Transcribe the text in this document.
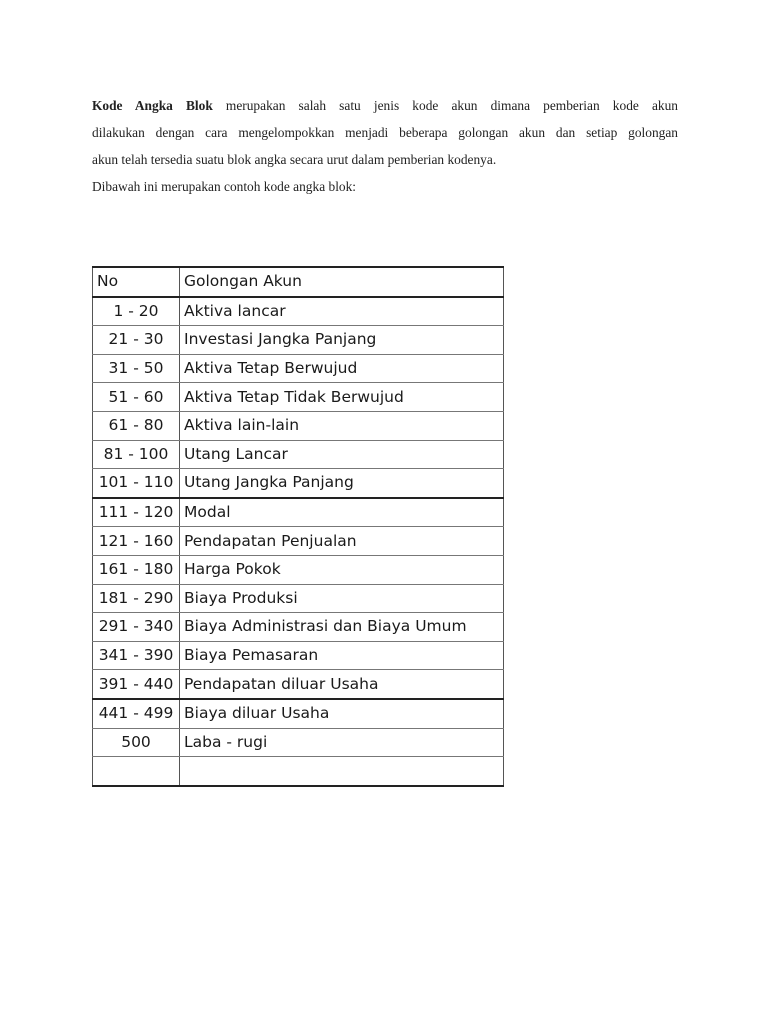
Kode Angka Blok merupakan salah satu jenis kode akun dimana pemberian kode akun

dilakukan dengan cara mengelompokkan menjadi beberapa golongan akun dan setiap golongan

akun telah tersedia suatu blok angka secara urut dalam pemberian kodenya.

Dibawah ini merupakan contoh kode angka blok:

No	Golongan Akun
1 - 20	Aktiva lancar
21 - 30	Investasi Jangka Panjang
31 - 50	Aktiva Tetap Berwujud
51 - 60	Aktiva Tetap Tidak Berwujud
61 - 80	Aktiva lain-lain
81 - 100	Utang Lancar
101 - 110	Utang Jangka Panjang
111 - 120	Modal
121 - 160	Pendapatan Penjualan
161 - 180	Harga Pokok
181 - 290	Biaya Produksi
291 - 340	Biaya Administrasi dan Biaya Umum
341 - 390	Biaya Pemasaran
391 - 440	Pendapatan diluar Usaha
441 - 499	Biaya diluar Usaha
500	Laba - rugi
